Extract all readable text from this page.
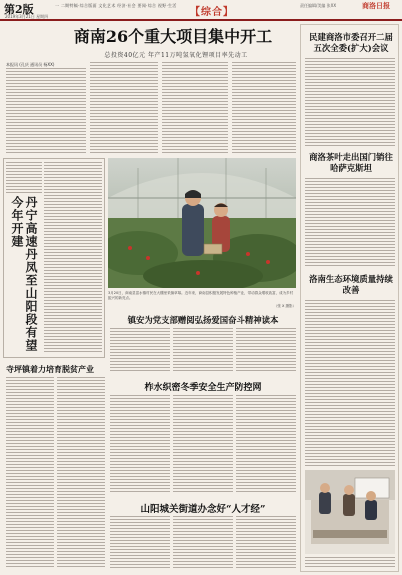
第2版
2019年3月21日 星期四
一 二期特稿·综合版面 文化艺术 经济·社会 要闻·综合 视野·生活
【综合】
责任编辑/美编 张XX	商洛日报
商南26个重大项目集中开工
总投资40亿元 年产11万吨氢氧化锂项目率先动工
本报讯 (孔庆 通讯员 杨XX)
丹宁高速丹凤至山阳段有望今年开建
寺坪镇着力培育脱贫产业
3月20日，商南县富水镇村民在大棚里采摘草莓。近年来，商南县积极发展特色种植产业，带动群众增收致富，成为乡村振兴的新亮点。
（张 X 摄影）
镇安为党支部赠阅弘扬爱国奋斗精神读本
柞水织密冬季安全生产防控网
山阳城关街道办念好“人才经”
民建商洛市委召开二届五次全委(扩大)会议
商洛茶叶走出国门销往哈萨克斯坦
洛南生态环境质量持续改善
